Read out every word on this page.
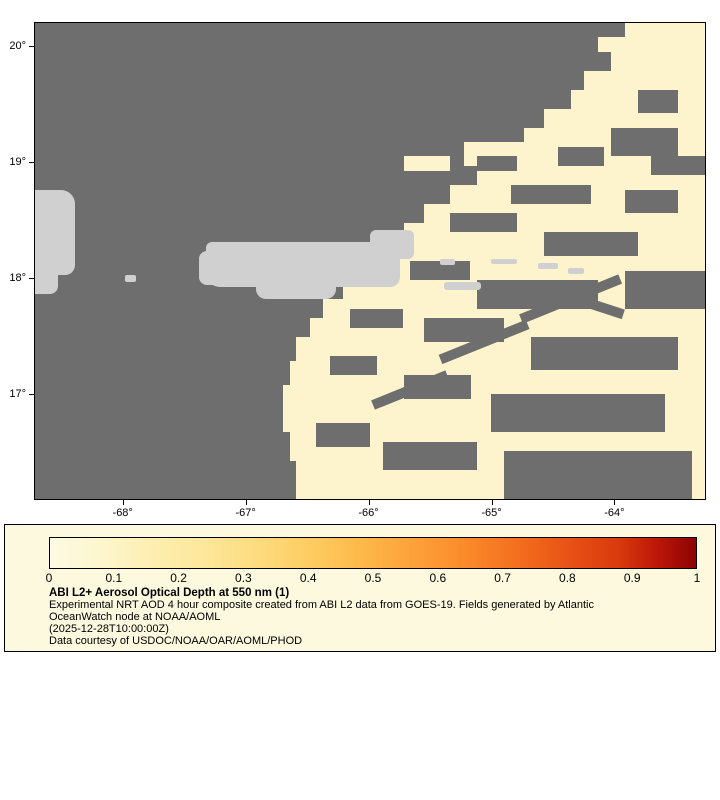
-68°	-67°	-66°	-65°	-64°
20°
19°
18°
17°
0	0.1	0.2	0.3	0.4	0.5	0.6	0.7	0.8	0.9	1
ABI L2+ Aerosol Optical Depth at 550 nm (1)
Experimental NRT AOD 4 hour composite created from ABI L2 data from GOES-19. Fields generated by Atlantic
OceanWatch node at NOAA/AOML
(2025-12-28T10:00:00Z)
Data courtesy of USDOC/NOAA/OAR/AOML/PHOD
